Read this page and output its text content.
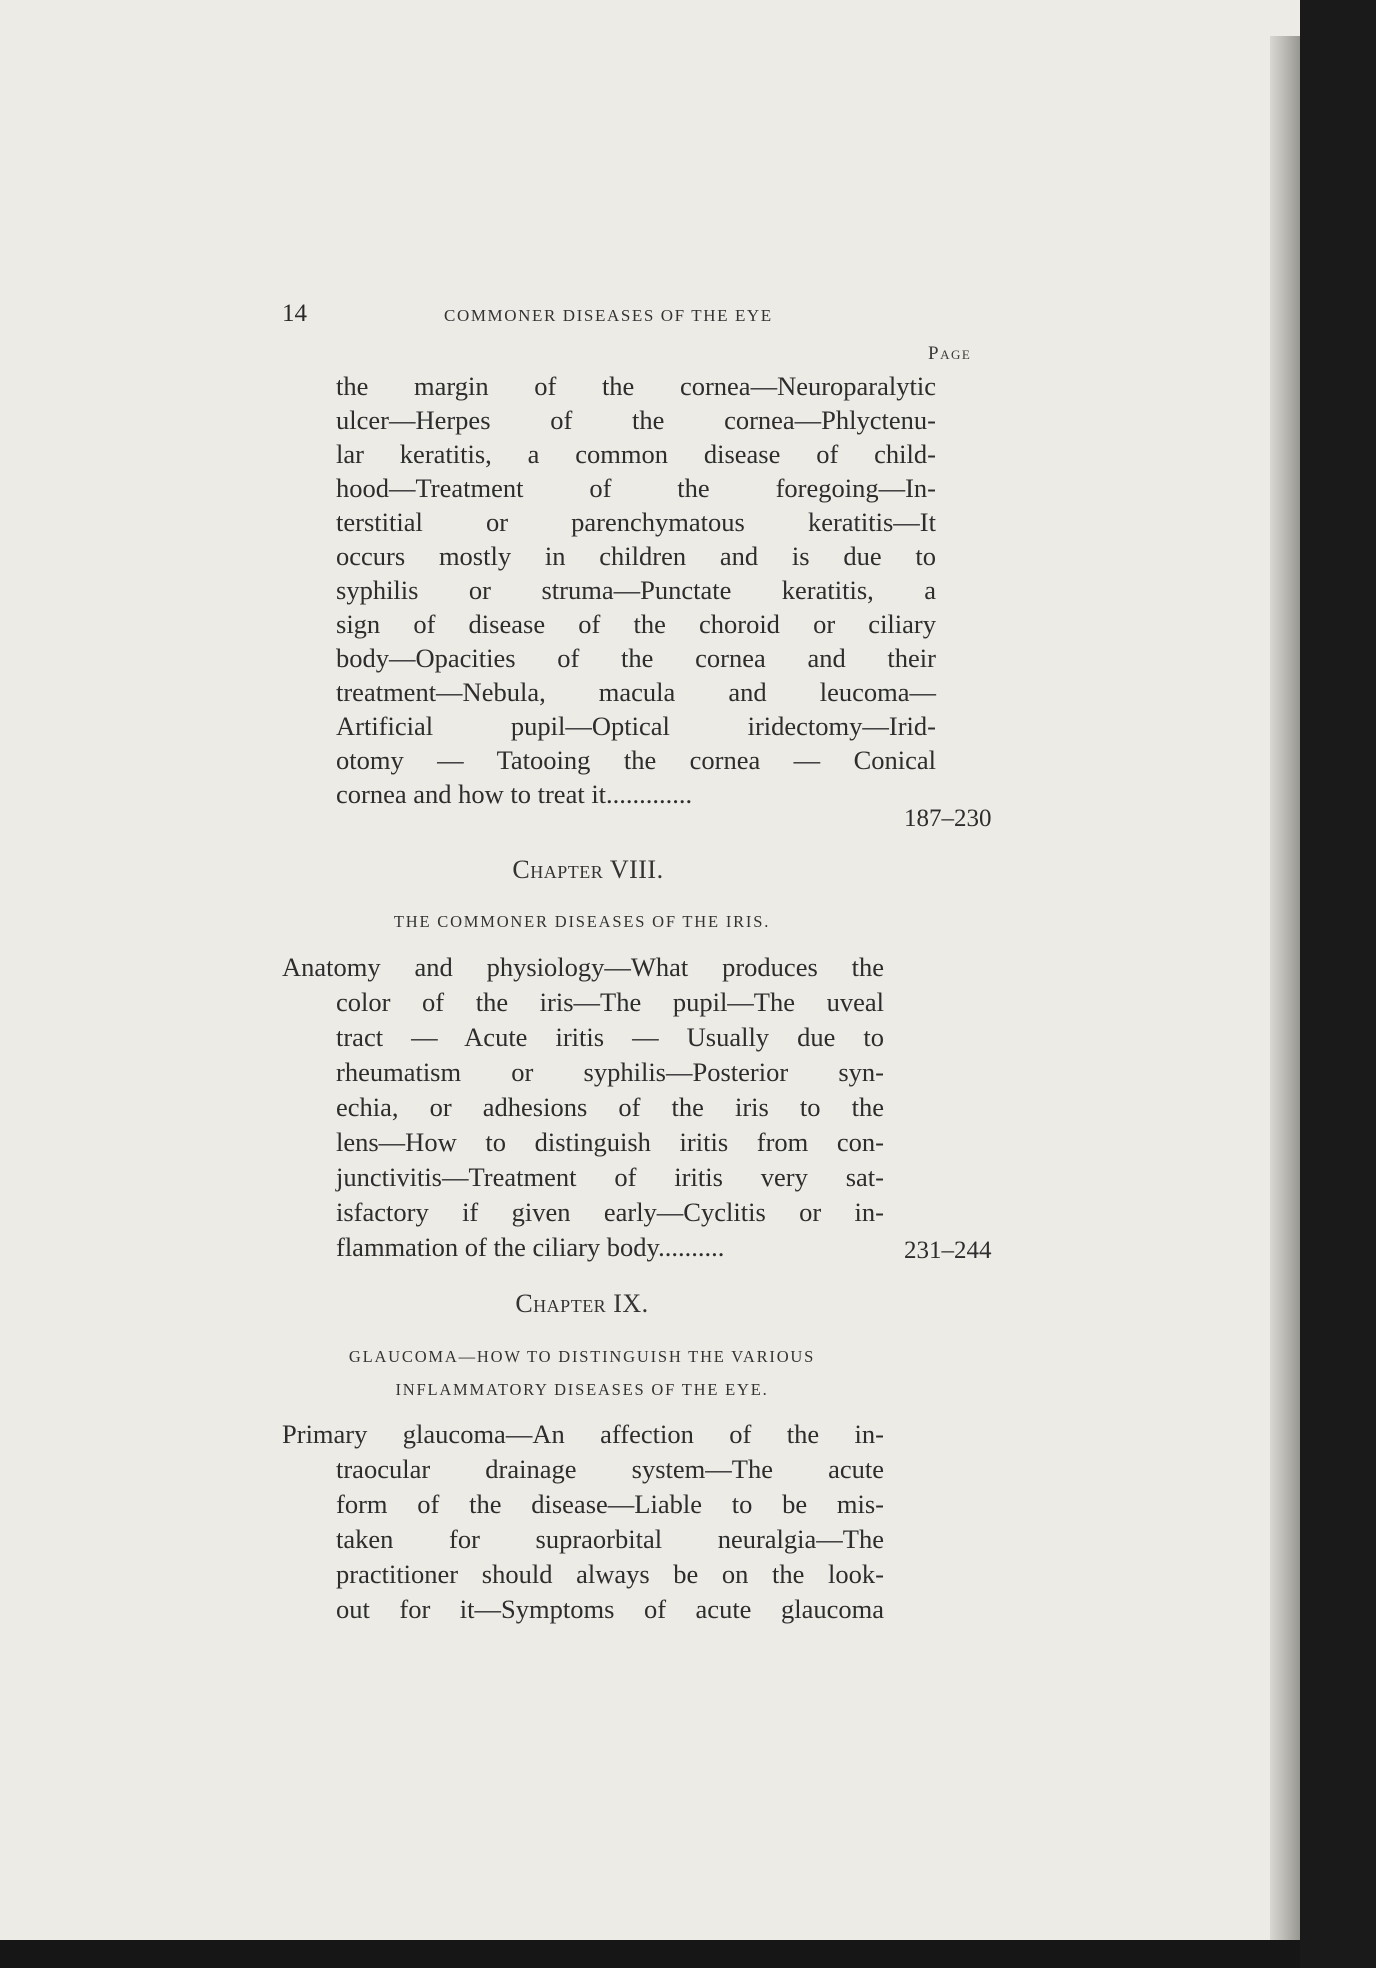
14	COMMONER DISEASES OF THE EYE
Page
the margin of the cornea—Neuroparalytic
ulcer—Herpes of the cornea—Phlyctenu-
lar keratitis, a common disease of child-
hood—Treatment of the foregoing—In-
terstitial or parenchymatous keratitis—It
occurs mostly in children and is due to
syphilis or struma—Punctate keratitis, a
sign of disease of the choroid or ciliary
body—Opacities of the cornea and their
treatment—Nebula, macula and leucoma—
Artificial pupil—Optical iridectomy—Irid-
otomy — Tatooing the cornea — Conical
cornea and how to treat it.............
187–230
Chapter VIII.
THE COMMONER DISEASES OF THE IRIS.
Anatomy and physiology—What produces the
color of the iris—The pupil—The uveal
tract — Acute iritis — Usually due to
rheumatism or syphilis—Posterior syn-
echia, or adhesions of the iris to the
lens—How to distinguish iritis from con-
junctivitis—Treatment of iritis very sat-
isfactory if given early—Cyclitis or in-
flammation of the ciliary body..........	231–244
Chapter IX.
GLAUCOMA—HOW TO DISTINGUISH THE VARIOUS
INFLAMMATORY DISEASES OF THE EYE.
Primary glaucoma—An affection of the in-
traocular drainage system—The acute
form of the disease—Liable to be mis-
taken for supraorbital neuralgia—The
practitioner should always be on the look-
out for it—Symptoms of acute glaucoma
